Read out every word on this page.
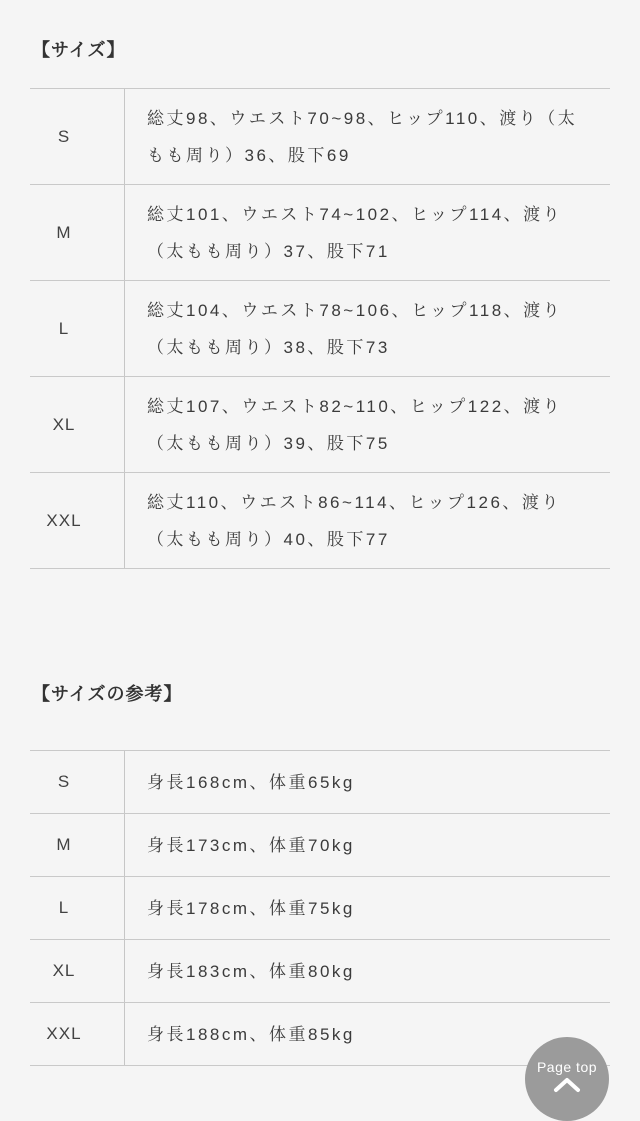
【サイズ】
S
総丈98、ウエスト70~98、ヒップ110、渡り（太もも周り）36、股下69
M
総丈101、ウエスト74~102、ヒップ114、渡り（太もも周り）37、股下71
L
総丈104、ウエスト78~106、ヒップ118、渡り（太もも周り）38、股下73
XL
総丈107、ウエスト82~110、ヒップ122、渡り（太もも周り）39、股下75
XXL
総丈110、ウエスト86~114、ヒップ126、渡り（太もも周り）40、股下77
【サイズの参考】
S	身長168cm、体重65kg
M	身長173cm、体重70kg
L	身長178cm、体重75kg
XL	身長183cm、体重80kg
XXL	身長188cm、体重85kg
Page top
